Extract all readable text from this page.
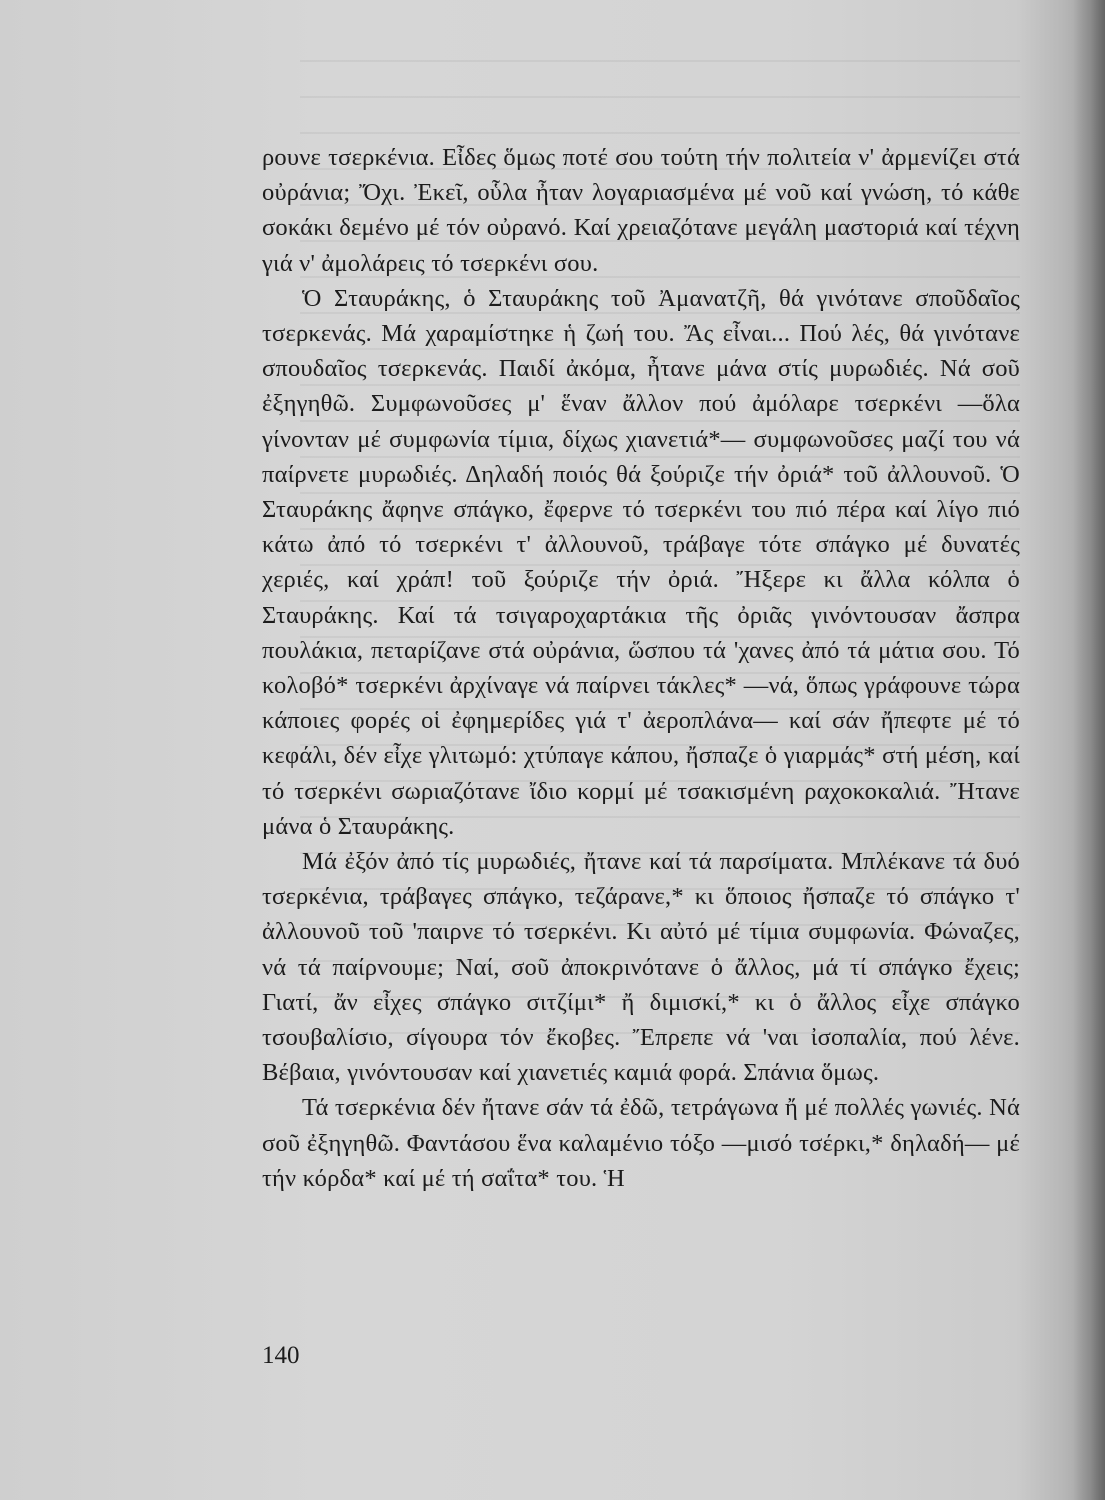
ρουνε τσερκένια. Εἶδες ὅμως ποτέ σου τούτη τήν πολιτεία ν' ἀρμενίζει στά οὐράνια; Ὄχι. Ἐκεῖ, οὗλα ἦταν λογαριασμένα μέ νοῦ καί γνώση, τό κάθε σοκάκι δεμένο μέ τόν οὐρανό. Καί χρειαζότανε μεγάλη μαστοριά καί τέχνη γιά ν' ἀμολάρεις τό τσερκένι σου.

Ὁ Σταυράκης, ὁ Σταυράκης τοῦ Ἀμανατζῆ, θά γινότανε σποῦδαῖος τσερκενάς. Μά χαραμίστηκε ἡ ζωή του. Ἄς εἶναι... Πού λές, θά γινότανε σπουδαῖος τσερκενάς. Παιδί ἀκόμα, ἦτανε μάνα στίς μυρωδιές. Νά σοῦ ἐξηγηθῶ. Συμφωνοῦσες μ' ἕναν ἄλλον πού ἀμόλαρε τσερκένι —ὅλα γίνονταν μέ συμφωνία τίμια, δίχως χιανετιά*— συμφωνοῦσες μαζί του νά παίρνετε μυρωδιές. Δηλαδή ποιός θά ξούριζε τήν ὀριά* τοῦ ἀλλουνοῦ. Ὁ Σταυράκης ἄφηνε σπάγκο, ἔφερνε τό τσερκένι του πιό πέρα καί λίγο πιό κάτω ἀπό τό τσερκένι τ' ἀλλουνοῦ, τράβαγε τότε σπάγκο μέ δυνατές χεριές, καί χράπ! τοῦ ξούριζε τήν ὀριά. Ἤξερε κι ἄλλα κόλπα ὁ Σταυράκης. Καί τά τσιγαροχαρτάκια τῆς ὀριᾶς γινόντουσαν ἄσπρα πουλάκια, πεταρίζανε στά οὐράνια, ὥσπου τά 'χανες ἀπό τά μάτια σου. Τό κολοβό* τσερκένι ἀρχίναγε νά παίρνει τάκλες* —νά, ὅπως γράφουνε τώρα κάποιες φορές οἱ ἐφημερίδες γιά τ' ἀεροπλάνα— καί σάν ἤπεφτε μέ τό κεφάλι, δέν εἶχε γλιτωμό: χτύπαγε κάπου, ἤσπαζε ὁ γιαρμάς* στή μέση, καί τό τσερκένι σωριαζότανε ἴδιο κορμί μέ τσακισμένη ραχοκοκαλιά. Ἤτανε μάνα ὁ Σταυράκης.

Μά ἐξόν ἀπό τίς μυρωδιές, ἤτανε καί τά παρσίματα. Μπλέκανε τά δυό τσερκένια, τράβαγες σπάγκο, τεζάρανε,* κι ὅποιος ἤσπαζε τό σπάγκο τ' ἀλλουνοῦ τοῦ 'παιρνε τό τσερκένι. Κι αὐτό μέ τίμια συμφωνία. Φώναζες, νά τά παίρνουμε; Ναί, σοῦ ἀποκρινότανε ὁ ἄλλος, μά τί σπάγκο ἔχεις; Γιατί, ἄν εἶχες σπάγκο σιτζίμι* ἤ διμισκί,* κι ὁ ἄλλος εἶχε σπάγκο τσουβαλίσιο, σίγουρα τόν ἔκοβες. Ἔπρεπε νά 'ναι ἰσοπαλία, πού λένε. Βέβαια, γινόντουσαν καί χιανετιές καμιά φορά. Σπάνια ὅμως.

Τά τσερκένια δέν ἤτανε σάν τά ἐδῶ, τετράγωνα ἤ μέ πολλές γωνιές. Νά σοῦ ἐξηγηθῶ. Φαντάσου ἕνα καλαμένιο τόξο —μισό τσέρκι,* δηλαδή— μέ τήν κόρδα* καί μέ τή σαΐτα* του. Ἡ

140
